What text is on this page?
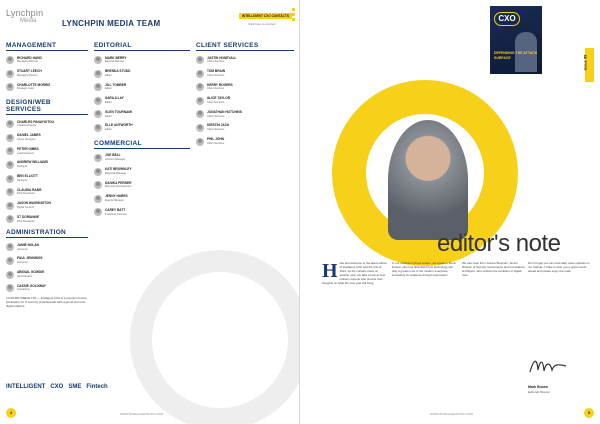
Lynchpin
Media	LYNCHPIN MEDIA TEAM
INTELLIGENT CXO CONTACTS
Click here to connect
MANAGEMENT
RICHARD HAND
Managing Director
STUART LEECH
Managing Partner
CHARLOTTE MORRIS
Strategic Lead
DESIGN/WEB SERVICES
CHARLES PANAYIOTOU
Creative Director
DANIEL JAMES
Senior Designer
PETER GIBBS
Lead Designer
ANDREW WILLIAMS
Designer
BEN ELLIOTT
Designer
CLAUDIA RAMS
Web Developer
JASON WASHINGTON
Digital Content
ST DORIANNE
Web Developer
ADMINISTRATION
JAMIE NOLAN
Accounts
PAUL JENNINGS
Accounts
ABIGAIL GOWDIE
Administrator
CASSIE GOLDWAY
Operations
LYNCHPIN MEDIA LTD — Intelligent CXO is a premium format publication for IT security professionals with regional print and digital editions.
EDITORIAL
MARK BERRY
Editorial Director
BRENDA STUDD
Editor
JILL TOMBER
Editor
SARA ILLAY
Editor
GLEN TOURNAMI
Editor
ELLE ANTWORTH
Editor
COMMERCIAL
JOE BELL
Account Manager
KATI BROWNLEY
Regional Manager
DANIKA PERDER
Business Development
JENNY HARES
Events Manager
CAREY BATT
Customer Success
CLIENT SERVICES
JUSTIN HONEYALL
Client Services
TOM BRAIN
Client Services
KERRY ROGERS
Client Services
ALICE TAYLOR
Client Services
JONATHAN HUTCHINS
Client Services
KIRSTIN JACK
Client Services
PHIL JOHN
Client Services
INTELLIGENT CXO SME Fintech
4	WWW.INTELLIGENTCXO.COM
CXO
DEFENDING THE ATTACK SURFACE	Issue 59
editor's note
H ello and welcome to the latest edition of Intelligent CXO and the first of 2024. As the curtains close on another year, we take a look at how industry experts who provide their thoughts on what the new year will bring.
In our Intelligent Cloud section, we speak to Kevin Downs, who has discussed how technology will play a greater role in the modern enterprise, increasing its resilience through automation.
We also hear from Joanne Bowman, Senior Director of Security Governance and Compliance at Diligent, who outlines the evolution of digital trust.
Don't forget you can read daily news updates on our website. I'd like to wish you a great month ahead and please enjoy the read!
Mark Brown
Editorial Director
5
WWW.INTELLIGENTCXO.COM
